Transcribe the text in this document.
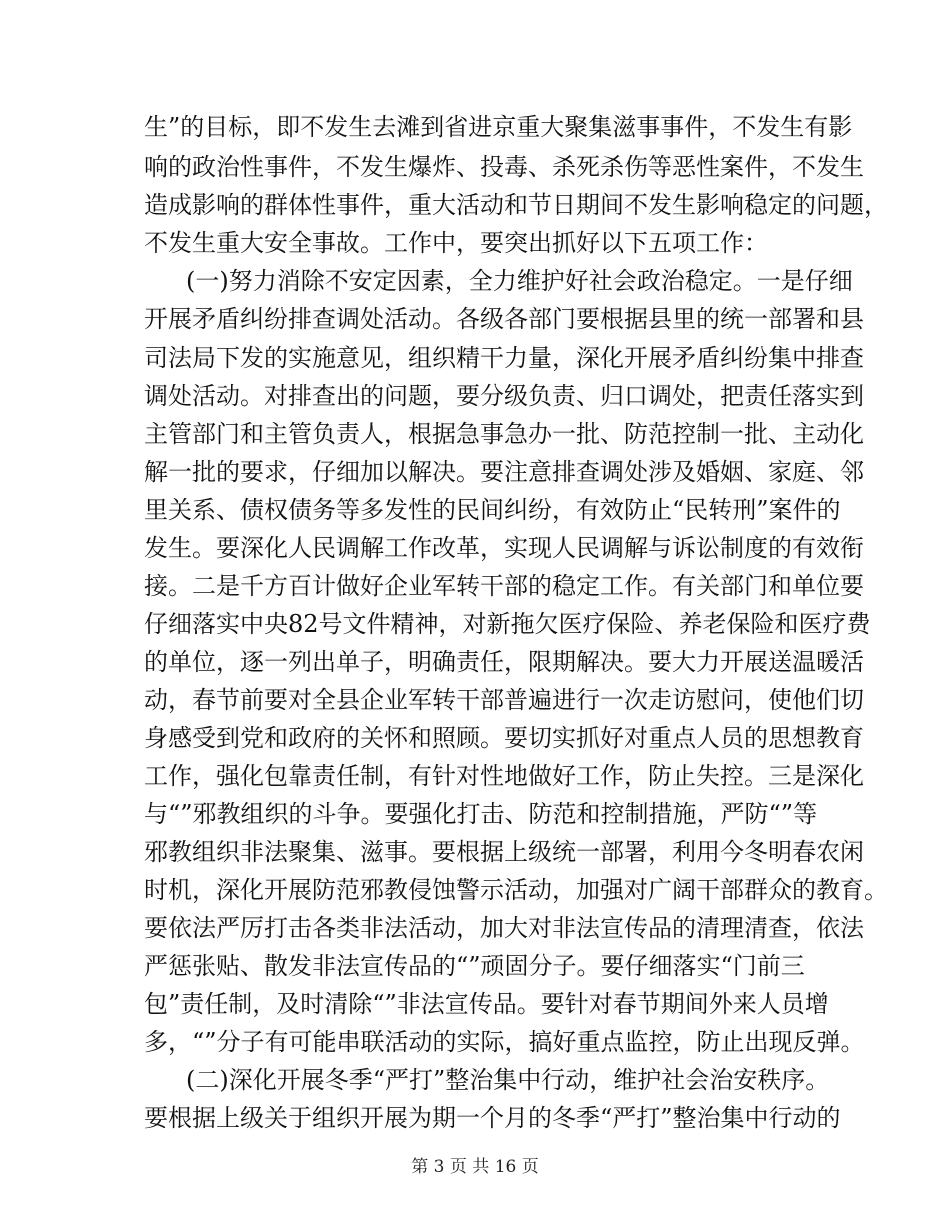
生”的目标，即不发生去滩到省进京重大聚集滋事事件，不发生有影
响的政治性事件，不发生爆炸、投毒、杀死杀伤等恶性案件，不发生
造成影响的群体性事件，重大活动和节日期间不发生影响稳定的问题，
不发生重大安全事故。工作中，要突出抓好以下五项工作：
(一)努力消除不安定因素，全力维护好社会政治稳定。一是仔细
开展矛盾纠纷排查调处活动。各级各部门要根据县里的统一部署和县
司法局下发的实施意见，组织精干力量，深化开展矛盾纠纷集中排查
调处活动。对排查出的问题，要分级负责、归口调处，把责任落实到
主管部门和主管负责人，根据急事急办一批、防范控制一批、主动化
解一批的要求，仔细加以解决。要注意排查调处涉及婚姻、家庭、邻
里关系、债权债务等多发性的民间纠纷，有效防止“民转刑”案件的
发生。要深化人民调解工作改革，实现人民调解与诉讼制度的有效衔
接。二是千方百计做好企业军转干部的稳定工作。有关部门和单位要
仔细落实中央82号文件精神，对新拖欠医疗保险、养老保险和医疗费
的单位，逐一列出单子，明确责任，限期解决。要大力开展送温暖活
动，春节前要对全县企业军转干部普遍进行一次走访慰问，使他们切
身感受到党和政府的关怀和照顾。要切实抓好对重点人员的思想教育
工作，强化包靠责任制，有针对性地做好工作，防止失控。三是深化
与“”邪教组织的斗争。要强化打击、防范和控制措施，严防“”等
邪教组织非法聚集、滋事。要根据上级统一部署，利用今冬明春农闲
时机，深化开展防范邪教侵蚀警示活动，加强对广阔干部群众的教育。
要依法严厉打击各类非法活动，加大对非法宣传品的清理清查，依法
严惩张贴、散发非法宣传品的“”顽固分子。要仔细落实“门前三
包”责任制，及时清除“”非法宣传品。要针对春节期间外来人员增
多，“”分子有可能串联活动的实际，搞好重点监控，防止出现反弹。
(二)深化开展冬季“严打”整治集中行动，维护社会治安秩序。
要根据上级关于组织开展为期一个月的冬季“严打”整治集中行动的
第 3 页 共 16 页
